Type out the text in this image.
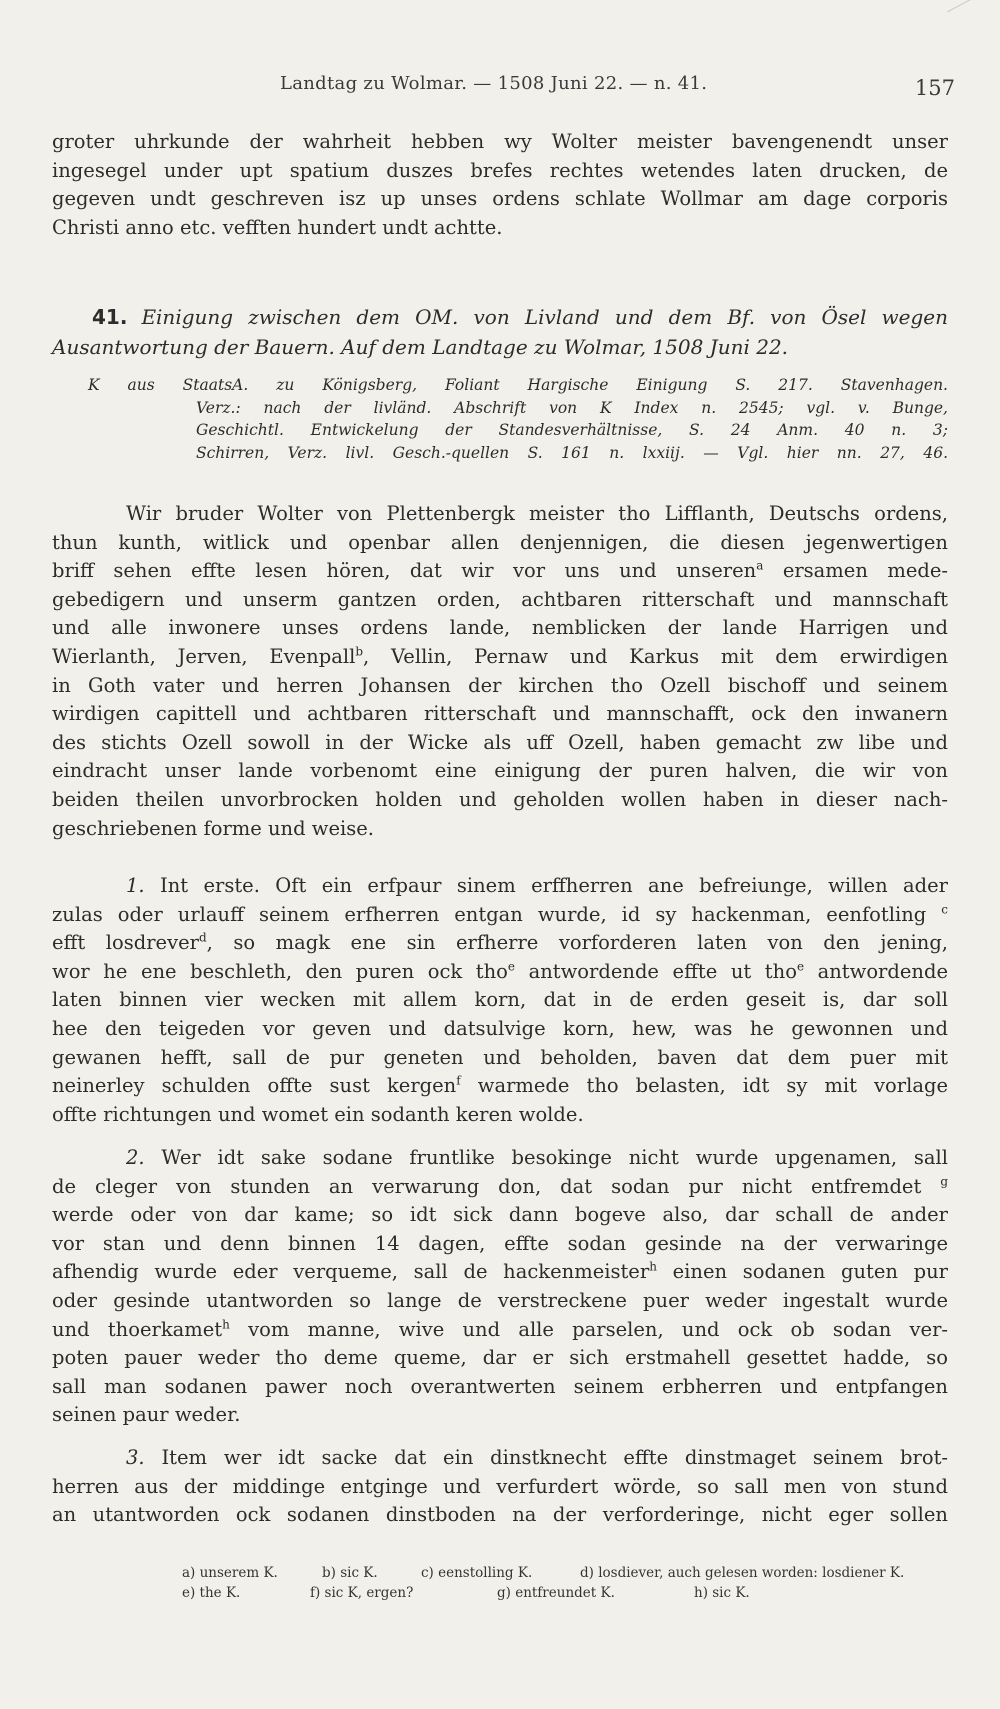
Landtag zu Wolmar. — 1508 Juni 22. — n. 41.	157
groter uhrkunde der wahrheit hebben wy Wolter meister bavengenendt unser
ingesegel under upt spatium duszes brefes rechtes wetendes laten drucken, de
gegeven undt geschreven isz up unses ordens schlate Wollmar am dage corporis
Christi anno etc. vefften hundert undt achtte.
41. Einigung zwischen dem OM. von Livland und dem Bf. von Ösel wegen
Ausantwortung der Bauern. Auf dem Landtage zu Wolmar, 1508 Juni 22.
K aus StaatsA. zu Königsberg, Foliant Hargische Einigung S. 217. Stavenhagen.
Verz.: nach der livländ. Abschrift von K Index n. 2545; vgl. v. Bunge,
Geschichtl. Entwickelung der Standesverhältnisse, S. 24 Anm. 40 n. 3;
Schirren, Verz. livl. Gesch.-quellen S. 161 n. lxxiij. — Vgl. hier nn. 27, 46.
Wir bruder Wolter von Plettenbergk meister tho Lifflanth, Deutschs ordens,
thun kunth, witlick und openbar allen denjennigen, die diesen jegenwertigen
briff sehen effte lesen hören, dat wir vor uns und unseren$^a$ ersamen mede-
gebedigern und unserm gantzen orden, achtbaren ritterschaft und mannschaft
und alle inwonere unses ordens lande, nemblicken der lande Harrigen und
Wierlanth, Jerven, Evenpall$^b$, Vellin, Pernaw und Karkus mit dem erwirdigen
in Goth vater und herren Johansen der kirchen tho Ozell bischoff und seinem
wirdigen capittell und achtbaren ritterschaft und mannschafft, ock den inwanern
des stichts Ozell sowoll in der Wicke als uff Ozell, haben gemacht zw libe und
eindracht unser lande vorbenomt eine einigung der puren halven, die wir von
beiden theilen unvorbrocken holden und geholden wollen haben in dieser nach-
geschriebenen forme und weise.
1. Int erste. Oft ein erfpaur sinem erffherren ane befreiunge, willen ader
zulas oder urlauff seinem erfherren entgan wurde, id sy hackenman, eenfotling $^c$
efft losdrever$^d$, so magk ene sin erfherre vorforderen laten von den jening,
wor he ene beschleth, den puren ock tho$^e$ antwordende effte ut tho$^e$ antwordende
laten binnen vier wecken mit allem korn, dat in de erden geseit is, dar soll
hee den teigeden vor geven und datsulvige korn, hew, was he gewonnen und
gewanen hefft, sall de pur geneten und beholden, baven dat dem puer mit
neinerley schulden offte sust kergen$^f$ warmede tho belasten, idt sy mit vorlage
offte richtungen und womet ein sodanth keren wolde.
2. Wer idt sake sodane fruntlike besokinge nicht wurde upgenamen, sall
de cleger von stunden an verwarung don, dat sodan pur nicht entfremdet $^g$
werde oder von dar kame; so idt sick dann bogeve also, dar schall de ander
vor stan und denn binnen 14 dagen, effte sodan gesinde na der verwaringe
afhendig wurde eder verqueme, sall de hackenmeister$^h$ einen sodanen guten pur
oder gesinde utantworden so lange de verstreckene puer weder ingestalt wurde
und thoerkamet$^h$ vom manne, wive und alle parselen, und ock ob sodan ver-
poten pauer weder tho deme queme, dar er sich erstmahell gesettet hadde, so
sall man sodanen pawer noch overantwerten seinem erbherren und entpfangen
seinen paur weder.
3. Item wer idt sacke dat ein dinstknecht effte dinstmaget seinem brot-
herren aus der middinge entginge und verfurdert wörde, so sall men von stund
an utantworden ock sodanen dinstboden na der verforderinge, nicht eger sollen
a) unserem K.	b) sic K.	c) eenstolling K.	d) losdiever, auch gelesen worden: losdiener K.
e) the K.	f) sic K, ergen?	g) entfreundet K.	h) sic K.
